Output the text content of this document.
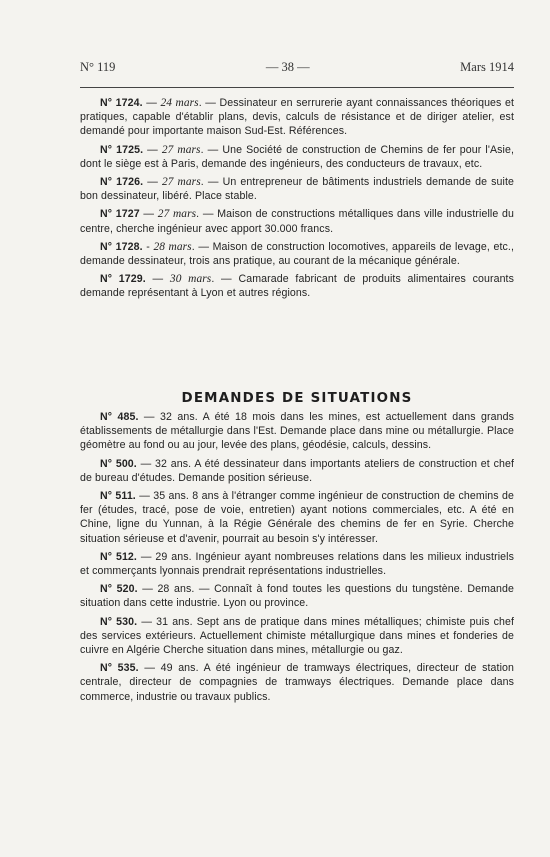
N° 119	— 38 —	Mars 1914

N° 1724. — 24 mars. — Dessinateur en serrurerie ayant connaissances théoriques et pratiques, capable d'établir plans, devis, calculs de résistance et de diriger atelier, est demandé pour importante maison Sud-Est. Références.

N° 1725. — 27 mars. — Une Société de construction de Chemins de fer pour l'Asie, dont le siège est à Paris, demande des ingénieurs, des conducteurs de travaux, etc.

N° 1726. — 27 mars. — Un entrepreneur de bâtiments industriels demande de suite bon dessinateur, libéré. Place stable.

N° 1727 — 27 mars. — Maison de constructions métalliques dans ville industrielle du centre, cherche ingénieur avec apport 30.000 francs.

N° 1728. - 28 mars. — Maison de construction locomotives, appareils de levage, etc., demande dessinateur, trois ans pratique, au courant de la mécanique générale.

N° 1729. — 30 mars. — Camarade fabricant de produits alimentaires courants demande représentant à Lyon et autres régions.

DEMANDES DE SITUATIONS

N° 485. — 32 ans. A été 18 mois dans les mines, est actuellement dans grands établissements de métallurgie dans l'Est. Demande place dans mine ou métallurgie. Place géomètre au fond ou au jour, levée des plans, géodésie, calculs, dessins.

N° 500. — 32 ans. A été dessinateur dans importants ateliers de construction et chef de bureau d'études. Demande position sérieuse.

N° 511. — 35 ans. 8 ans à l'étranger comme ingénieur de construction de chemins de fer (études, tracé, pose de voie, entretien) ayant notions commerciales, etc. A été en Chine, ligne du Yunnan, à la Régie Générale des chemins de fer en Syrie. Cherche situation sérieuse et d'avenir, pourrait au besoin s'y intéresser.

N° 512. — 29 ans. Ingénieur ayant nombreuses relations dans les milieux industriels et commerçants lyonnais prendrait représentations industrielles.

N° 520. — 28 ans. — Connaît à fond toutes les questions du tungstène. Demande situation dans cette industrie. Lyon ou province.

N° 530. — 31 ans. Sept ans de pratique dans mines métalliques; chimiste puis chef des services extérieurs. Actuellement chimiste métallurgique dans mines et fonderies de cuivre en Algérie Cherche situation dans mines, métallurgie ou gaz.

N° 535. — 49 ans. A été ingénieur de tramways électriques, directeur de station centrale, directeur de compagnies de tramways électriques. Demande place dans commerce, industrie ou travaux publics.
